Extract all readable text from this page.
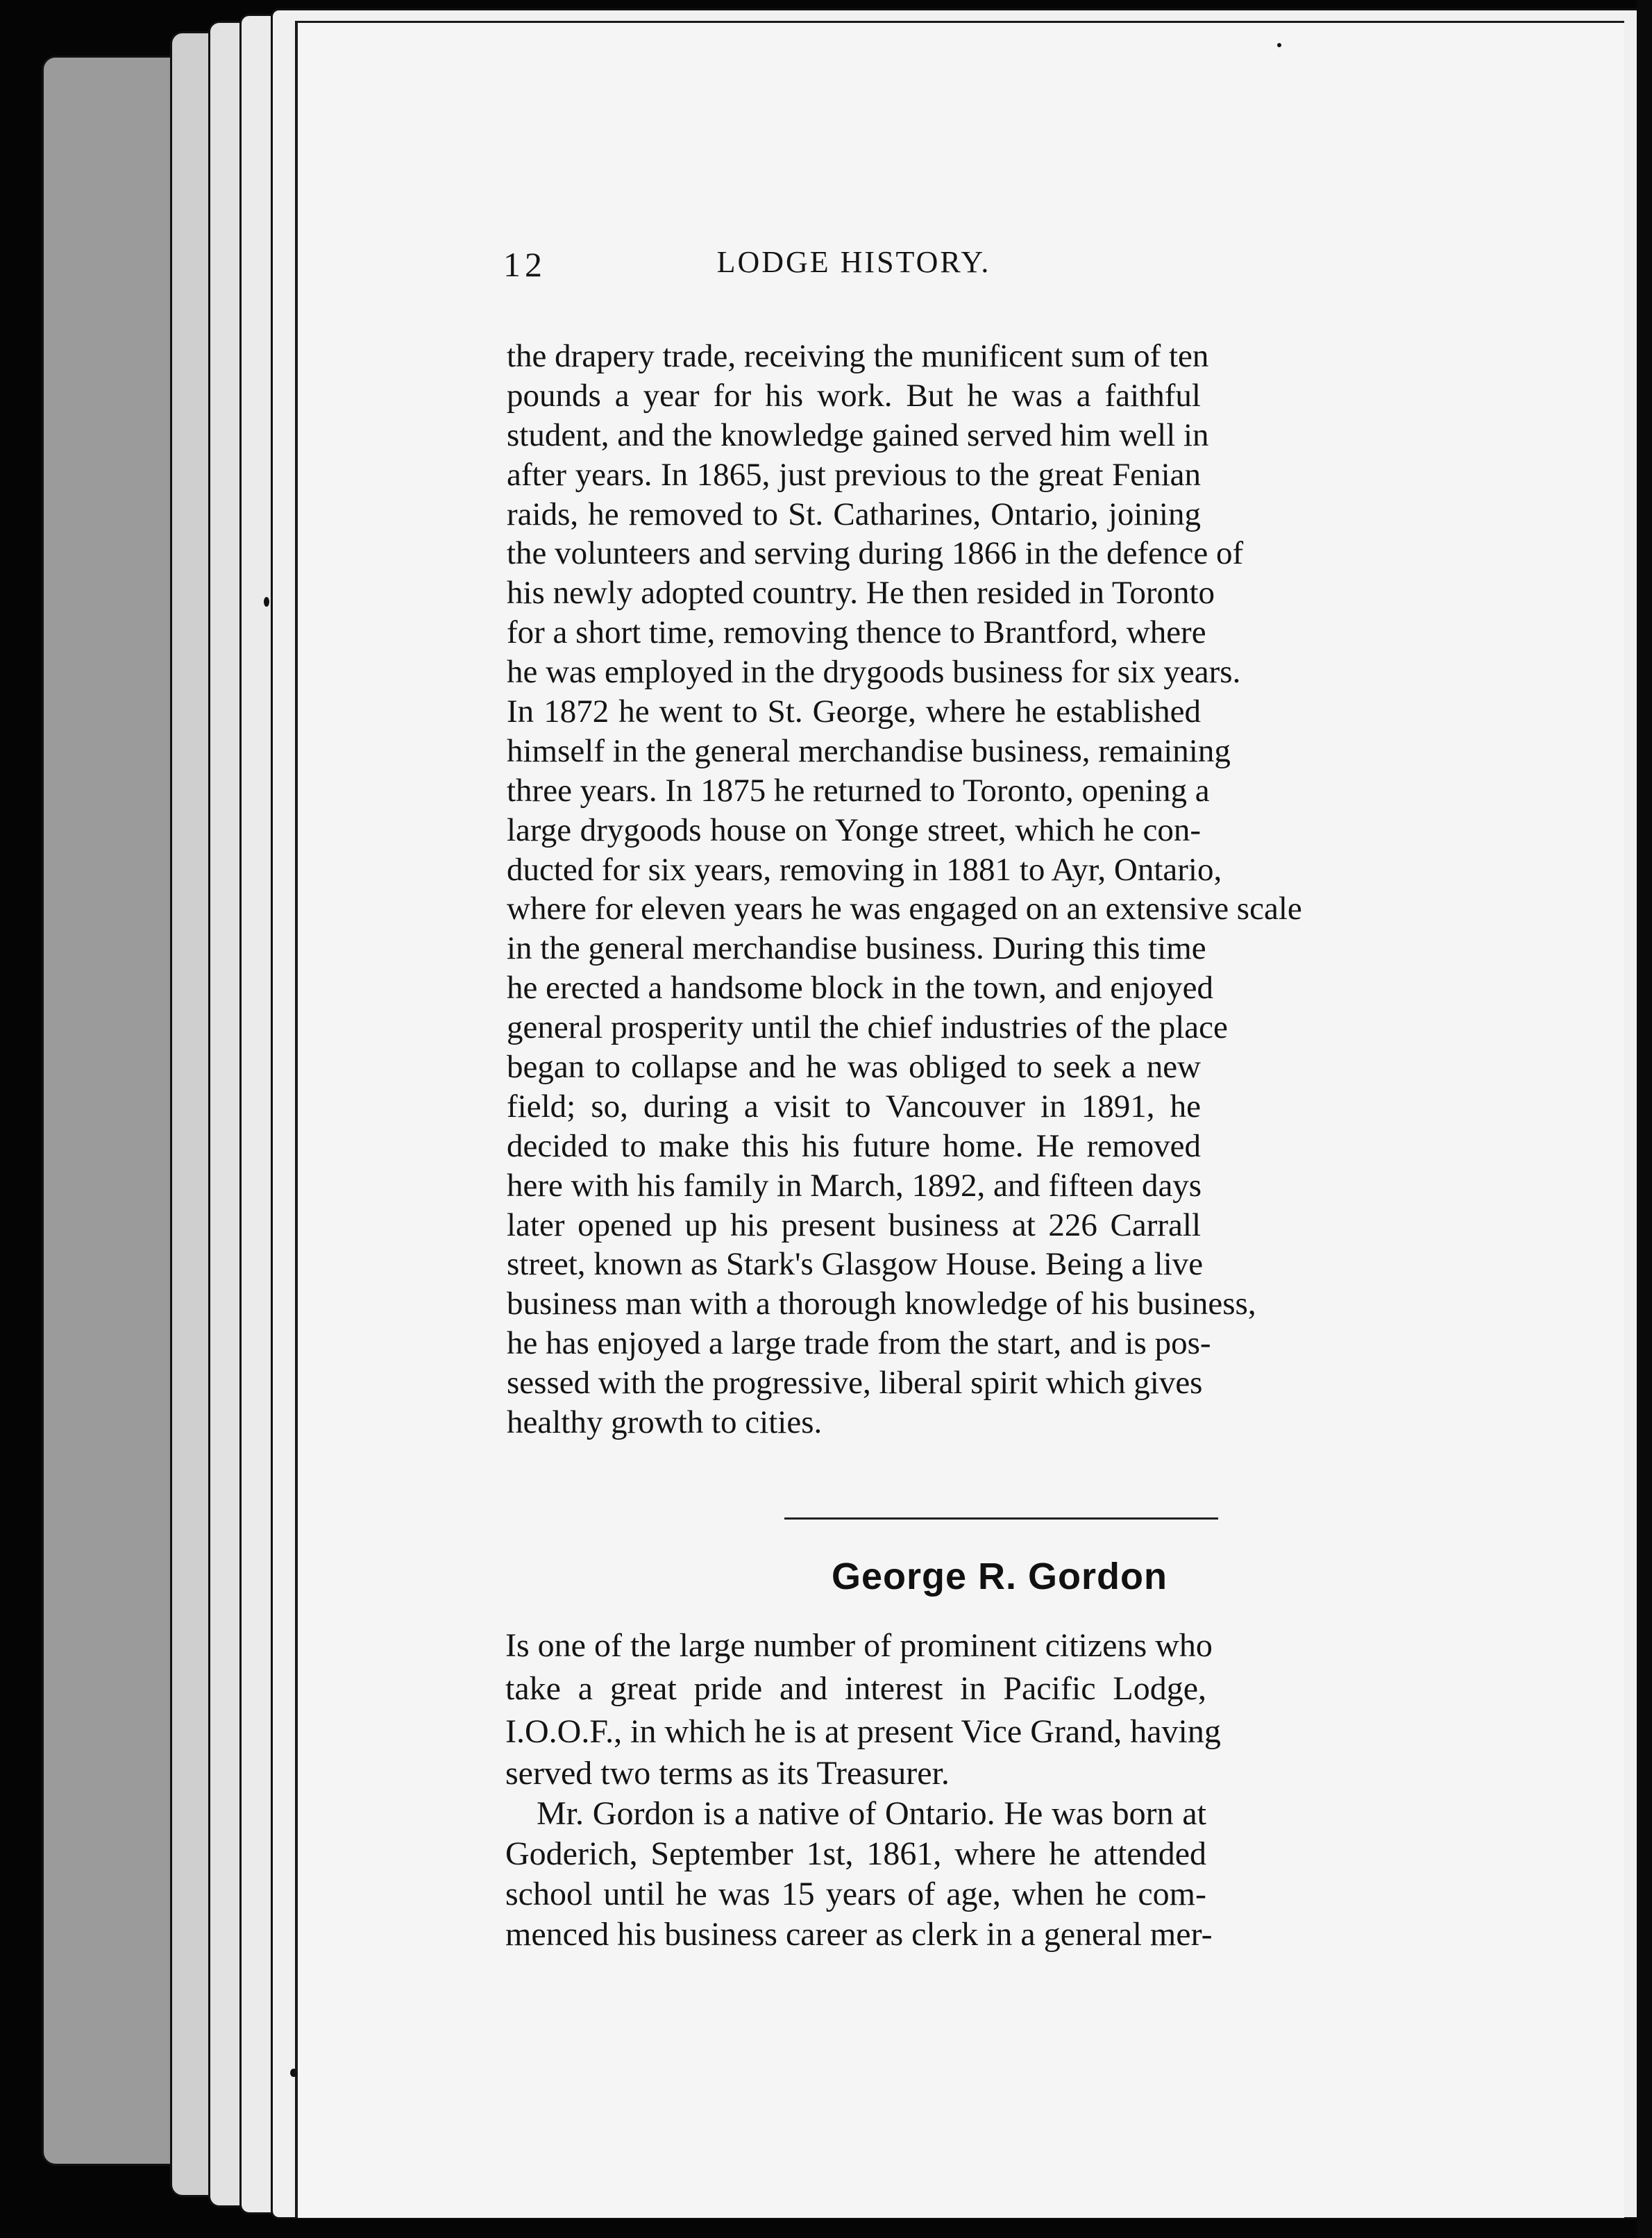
12	LODGE HISTORY.
the drapery trade, receiving the munificent sum of ten
pounds a year for his work. But he was a faithful
student, and the knowledge gained served him well in
after years. In 1865, just previous to the great Fenian
raids, he removed to St. Catharines, Ontario, joining
the volunteers and serving during 1866 in the defence of
his newly adopted country. He then resided in Toronto
for a short time, removing thence to Brantford, where
he was employed in the drygoods business for six years.
In 1872 he went to St. George, where he established
himself in the general merchandise business, remaining
three years. In 1875 he returned to Toronto, opening a
large drygoods house on Yonge street, which he con-
ducted for six years, removing in 1881 to Ayr, Ontario,
where for eleven years he was engaged on an extensive scale
in the general merchandise business. During this time
he erected a handsome block in the town, and enjoyed
general prosperity until the chief industries of the place
began to collapse and he was obliged to seek a new
field; so, during a visit to Vancouver in 1891, he
decided to make this his future home. He removed
here with his family in March, 1892, and fifteen days
later opened up his present business at 226 Carrall
street, known as Stark's Glasgow House. Being a live
business man with a thorough knowledge of his business,
he has enjoyed a large trade from the start, and is pos-
sessed with the progressive, liberal spirit which gives
healthy growth to cities.
George R. Gordon
Is one of the large number of prominent citizens who
take a great pride and interest in Pacific Lodge,
I.O.O.F., in which he is at present Vice Grand, having
served two terms as its Treasurer.
Mr. Gordon is a native of Ontario. He was born at
Goderich, September 1st, 1861, where he attended
school until he was 15 years of age, when he com-
menced his business career as clerk in a general mer-
